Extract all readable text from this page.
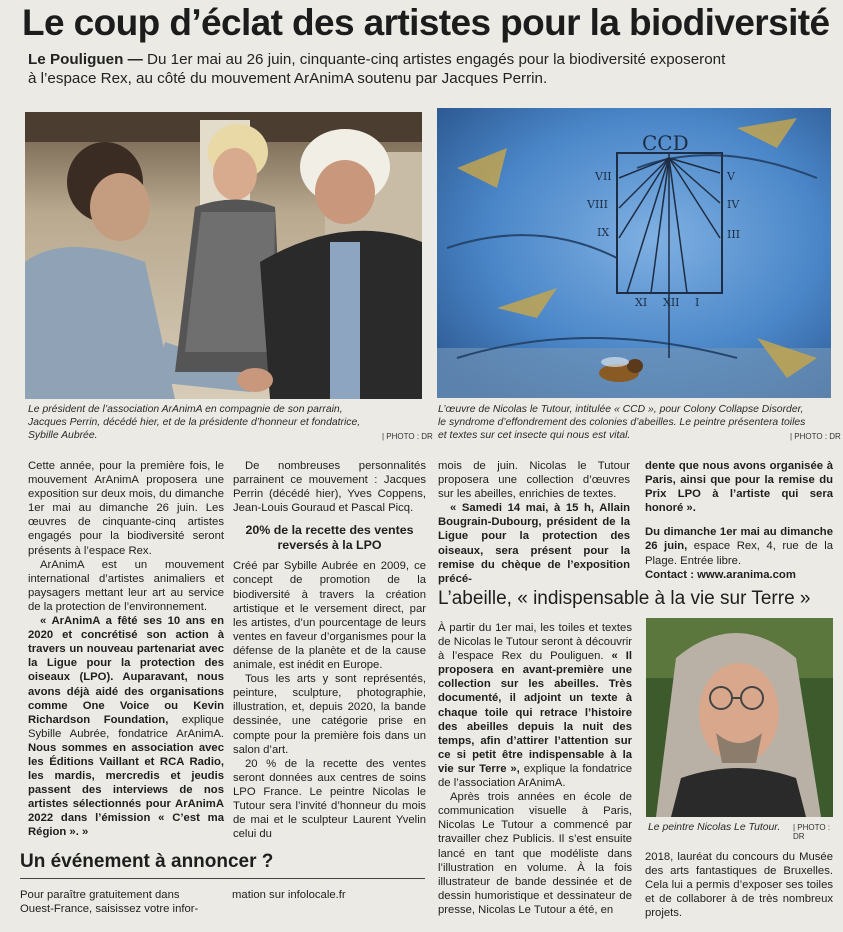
Le coup d’éclat des artistes pour la biodiversité
Le Pouliguen — Du 1er mai au 26 juin, cinquante-cinq artistes engagés pour la biodiversité exposeront
à l’espace Rex, au côté du mouvement ArAnimA soutenu par Jacques Perrin.
Le président de l’association ArAnimA en compagnie de son parrain,
Jacques Perrin, décédé hier, et de la présidente d’honneur et fondatrice,
Sybille Aubrée.	| PHOTO : DR
CCD
VII
VIII
IX
V
IV
III
XI XII I
L’œuvre de Nicolas le Tutour, intitulée « CCD », pour Colony Collapse Disorder,
le syndrome d’effondrement des colonies d’abeilles. Le peintre présentera toiles
et textes sur cet insecte qui nous est vital.	| PHOTO : DR

Cette année, pour la première fois, le mouvement ArAnimA proposera une exposition sur deux mois, du dimanche 1er mai au dimanche 26 juin. Les œuvres de cinquante-cinq artistes engagés pour la biodiversité seront présents à l’espace Rex.

ArAnimA est un mouvement international d’artistes animaliers et paysagers mettant leur art au service de la protection de l’environnement.

« ArAnimA a fêté ses 10 ans en 2020 et concrétisé son action à travers un nouveau partenariat avec la Ligue pour la protection des oiseaux (LPO). Auparavant, nous avons déjà aidé des organisations comme One Voice ou Kevin Richardson Foundation, explique Sybille Aubrée, fondatrice ArAnimA. Nous sommes en association avec les Éditions Vaillant et RCA Radio, les mardis, mercredis et jeudis passent des interviews de nos artistes sélectionnés pour ArAnimA 2022 dans l’émission « C’est ma Région ». »

De nombreuses personnalités parrainent ce mouvement : Jacques Perrin (décédé hier), Yves Coppens, Jean-Louis Gouraud et Pascal Picq.

20% de la recette des ventes reversés à la LPO

Créé par Sybille Aubrée en 2009, ce concept de promotion de la biodiversité à travers la création artistique et le versement direct, par les artistes, d’un pourcentage de leurs ventes en faveur d’organismes pour la défense de la planète et de la cause animale, est inédit en Europe.

Tous les arts y sont représentés, peinture, sculpture, photographie, illustration, et, depuis 2020, la bande dessinée, une catégorie prise en compte pour la première fois dans un salon d’art.

20 % de la recette des ventes seront données aux centres de soins LPO France. Le peintre Nicolas le Tutour sera l’invité d’honneur du mois de mai et le sculpteur Laurent Yvelin celui du

mois de juin. Nicolas le Tutour proposera une collection d’œuvres sur les abeilles, enrichies de textes.

« Samedi 14 mai, à 15 h, Allain Bougrain-Dubourg, président de la Ligue pour la protection des oiseaux, sera présent pour la remise du chèque de l’exposition précé-

dente que nous avons organisée à Paris, ainsi que pour la remise du Prix LPO à l’artiste qui sera honoré ».

Du dimanche 1er mai au dimanche 26 juin, espace Rex, 4, rue de la Plage. Entrée libre.

Contact : www.aranima.com

L’abeille, « indispensable à la vie sur Terre »

À partir du 1er mai, les toiles et textes de Nicolas le Tutour seront à découvrir à l’espace Rex du Pouliguen. « Il proposera en avant-première une collection sur les abeilles. Très documenté, il adjoint un texte à chaque toile qui retrace l’histoire des abeilles depuis la nuit des temps, afin d’attirer l’attention sur ce si petit être indispensable à la vie sur Terre », explique la fondatrice de l’association ArAnimA.

Après trois années en école de communication visuelle à Paris, Nicolas Le Tutour a commencé par travailler chez Publicis. Il s’est ensuite lancé en tant que modéliste dans l’illustration en volume. À la fois illustrateur de bande dessinée et de dessin humoristique et dessinateur de presse, Nicolas Le Tutour a été, en

Le peintre Nicolas Le Tutour. | PHOTO : DR

2018, lauréat du concours du Musée des arts fantastiques de Bruxelles. Cela lui a permis d’exposer ses toiles et de collaborer à de très nombreux projets.

Un événement à annoncer ?
Pour paraître gratuitement dans Ouest-France, saisissez votre infor-
mation sur infolocale.fr
